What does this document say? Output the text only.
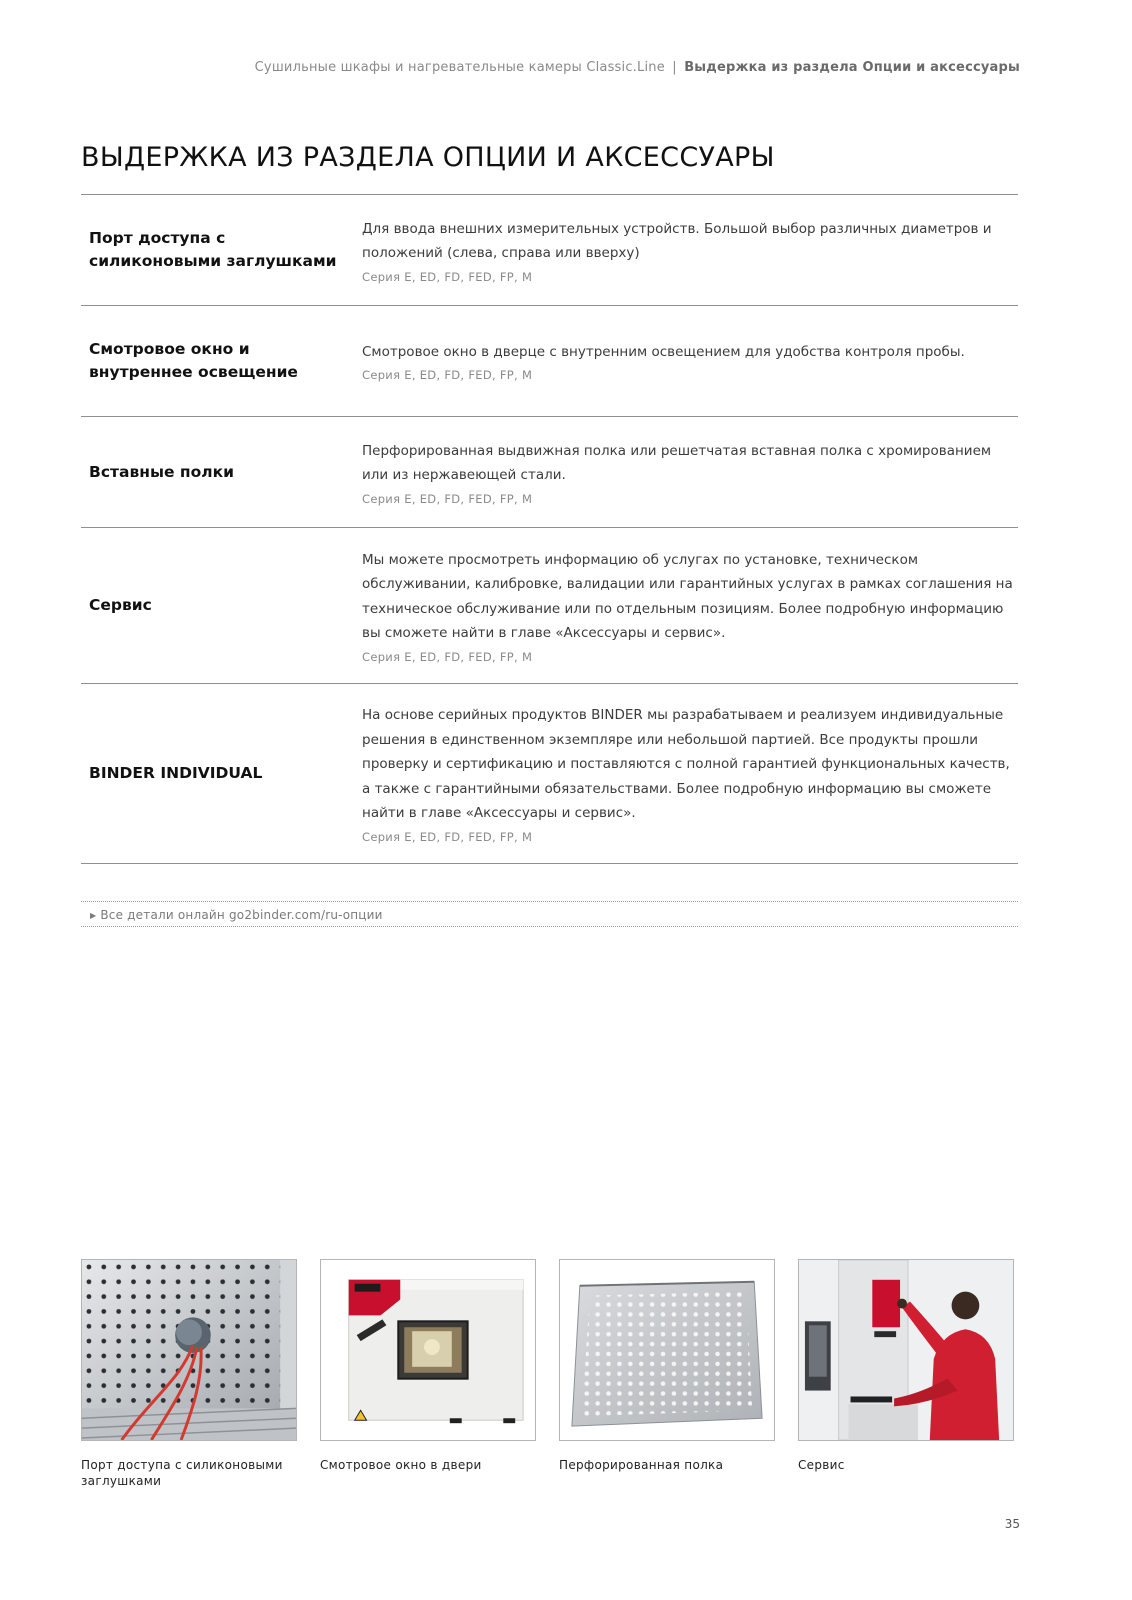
Сушильные шкафы и нагревательные камеры Classic.Line | Выдержка из раздела Опции и аксессуары
ВЫДЕРЖКА ИЗ РАЗДЕЛА ОПЦИИ И АКСЕССУАРЫ
Порт доступа с силиконовыми заглушками
Для ввода внешних измерительных устройств. Большой выбор различных диаметров и положений (слева, справа или вверху)
Серия E, ED, FD, FED, FP, M
Смотровое окно и внутреннее освещение
Смотровое окно в дверце с внутренним освещением для удобства контроля пробы.
Серия E, ED, FD, FED, FP, M
Вставные полки
Перфорированная выдвижная полка или решетчатая вставная полка с хромированием или из нержавеющей стали.
Серия E, ED, FD, FED, FP, M
Сервис
Мы можете просмотреть информацию об услугах по установке, техническом обслуживании, калибровке, валидации или гарантийных услугах в рамках соглашения на техническое обслуживание или по отдельным позициям. Более подробную информацию вы сможете найти в главе «Аксессуары и сервис».
Серия E, ED, FD, FED, FP, M
BINDER INDIVIDUAL
На основе серийных продуктов BINDER мы разрабатываем и реализуем индивидуальные решения в единственном экземпляре или небольшой партией. Все продукты прошли проверку и сертификацию и поставляются с полной гарантией функциональных качеств, а также с гарантийными обязательствами. Более подробную информацию вы сможете найти в главе «Аксессуары и сервис».
Серия E, ED, FD, FED, FP, M
▶ Все детали онлайн go2binder.com/ru-опции
Порт доступа с силиконовыми заглушками
Смотровое окно в двери	Перфорированная полка	Сервис
35
